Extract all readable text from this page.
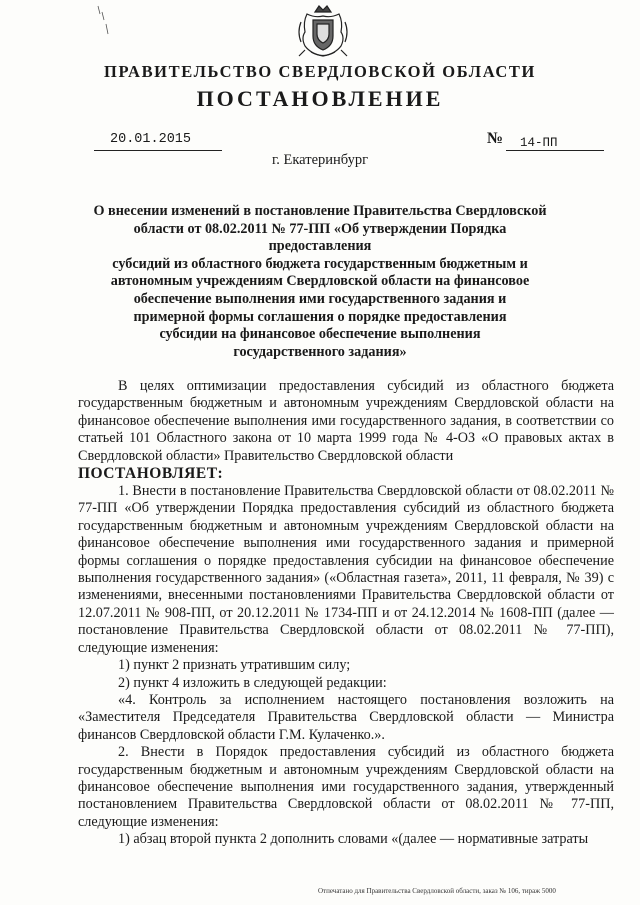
ПРАВИТЕЛЬСТВО СВЕРДЛОВСКОЙ ОБЛАСТИ
ПОСТАНОВЛЕНИЕ
20.01.2015	№ 14-ПП
г. Екатеринбург
О внесении изменений в постановление Правительства Свердловской
области от 08.02.2011 № 77-ПП «Об утверждении Порядка предоставления
субсидий из областного бюджета государственным бюджетным и
автономным учреждениям Свердловской области на финансовое
обеспечение выполнения ими государственного задания и
примерной формы соглашения о порядке предоставления
субсидии на финансовое обеспечение выполнения
государственного задания»

В целях оптимизации предоставления субсидий из областного бюджета государственным бюджетным и автономным учреждениям Свердловской области на финансовое обеспечение выполнения ими государственного задания, в соответствии со статьей 101 Областного закона от 10 марта 1999 года № 4-ОЗ «О правовых актах в Свердловской области» Правительство Свердловской области

ПОСТАНОВЛЯЕТ:

1. Внести в постановление Правительства Свердловской области от 08.02.2011 № 77-ПП «Об утверждении Порядка предоставления субсидий из областного бюджета государственным бюджетным и автономным учреждениям Свердловской области на финансовое обеспечение выполнения ими государственного задания и примерной формы соглашения о порядке предоставления субсидии на финансовое обеспечение выполнения государственного задания» («Областная газета», 2011, 11 февраля, № 39) с изменениями, внесенными постановлениями Правительства Свердловской области от 12.07.2011 № 908-ПП, от 20.12.2011 № 1734-ПП и от 24.12.2014 № 1608-ПП (далее — постановление Правительства Свердловской области от 08.02.2011 № 77-ПП), следующие изменения:

1) пункт 2 признать утратившим силу;

2) пункт 4 изложить в следующей редакции:

«4. Контроль за исполнением настоящего постановления возложить на «Заместителя Председателя Правительства Свердловской области — Министра финансов Свердловской области Г.М. Кулаченко.».

2. Внести в Порядок предоставления субсидий из областного бюджета государственным бюджетным и автономным учреждениям Свердловской области на финансовое обеспечение выполнения ими государственного задания, утвержденный постановлением Правительства Свердловской области от 08.02.2011 № 77-ПП, следующие изменения:

1) абзац второй пункта 2 дополнить словами «(далее — нормативные затраты

Отпечатано для Правительства Свердловской области, заказ № 106, тираж 5000
